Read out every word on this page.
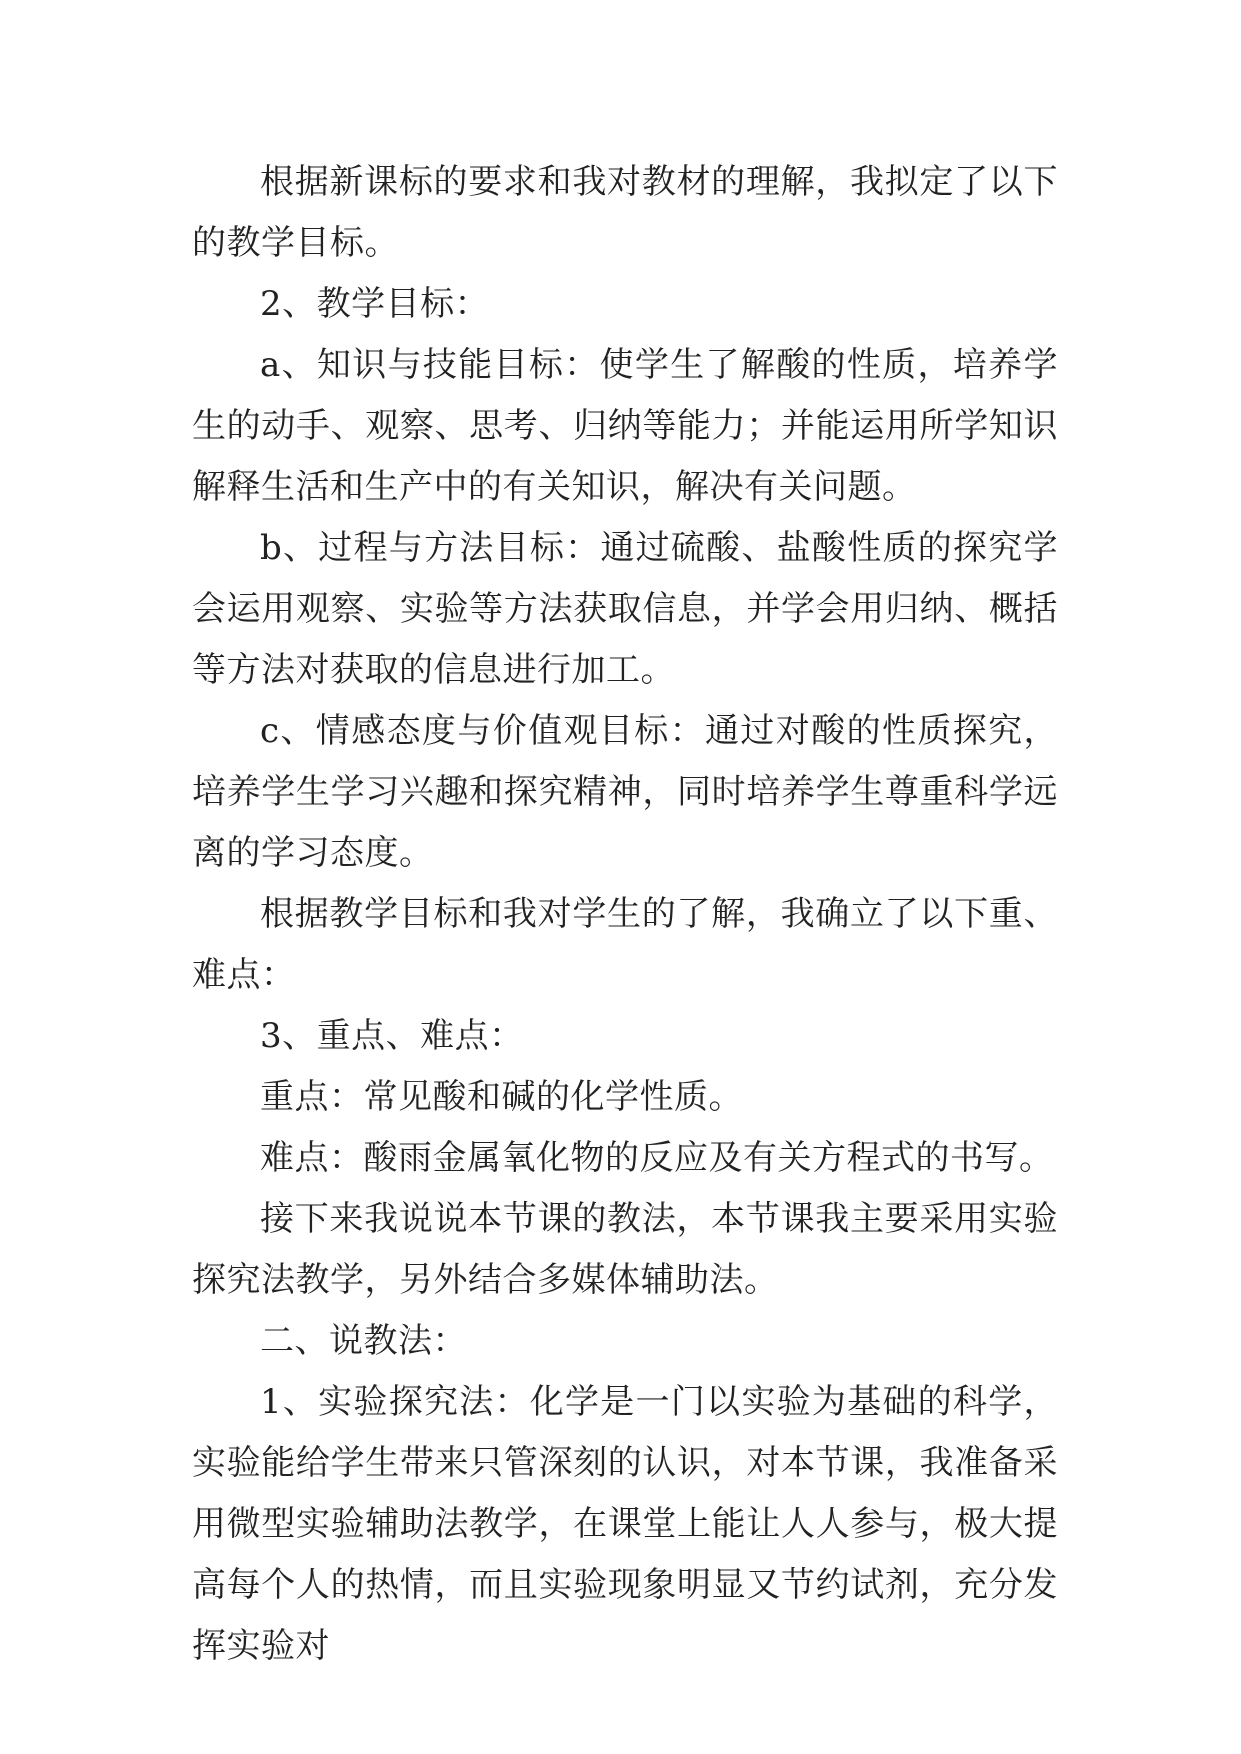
根据新课标的要求和我对教材的理解，我拟定了以下的教学目标。

2、教学目标：

a、知识与技能目标：使学生了解酸的性质，培养学生的动手、观察、思考、归纳等能力；并能运用所学知识解释生活和生产中的有关知识，解决有关问题。

b、过程与方法目标：通过硫酸、盐酸性质的探究学会运用观察、实验等方法获取信息，并学会用归纳、概括等方法对获取的信息进行加工。

c、情感态度与价值观目标：通过对酸的性质探究，培养学生学习兴趣和探究精神，同时培养学生尊重科学远离的学习态度。

根据教学目标和我对学生的了解，我确立了以下重、难点：

3、重点、难点：

重点：常见酸和碱的化学性质。

难点：酸雨金属氧化物的反应及有关方程式的书写。

接下来我说说本节课的教法，本节课我主要采用实验探究法教学，另外结合多媒体辅助法。

二、说教法：

1、实验探究法：化学是一门以实验为基础的科学，实验能给学生带来只管深刻的认识，对本节课，我准备采用微型实验辅助法教学，在课堂上能让人人参与，极大提高每个人的热情，而且实验现象明显又节约试剂，充分发挥实验对
